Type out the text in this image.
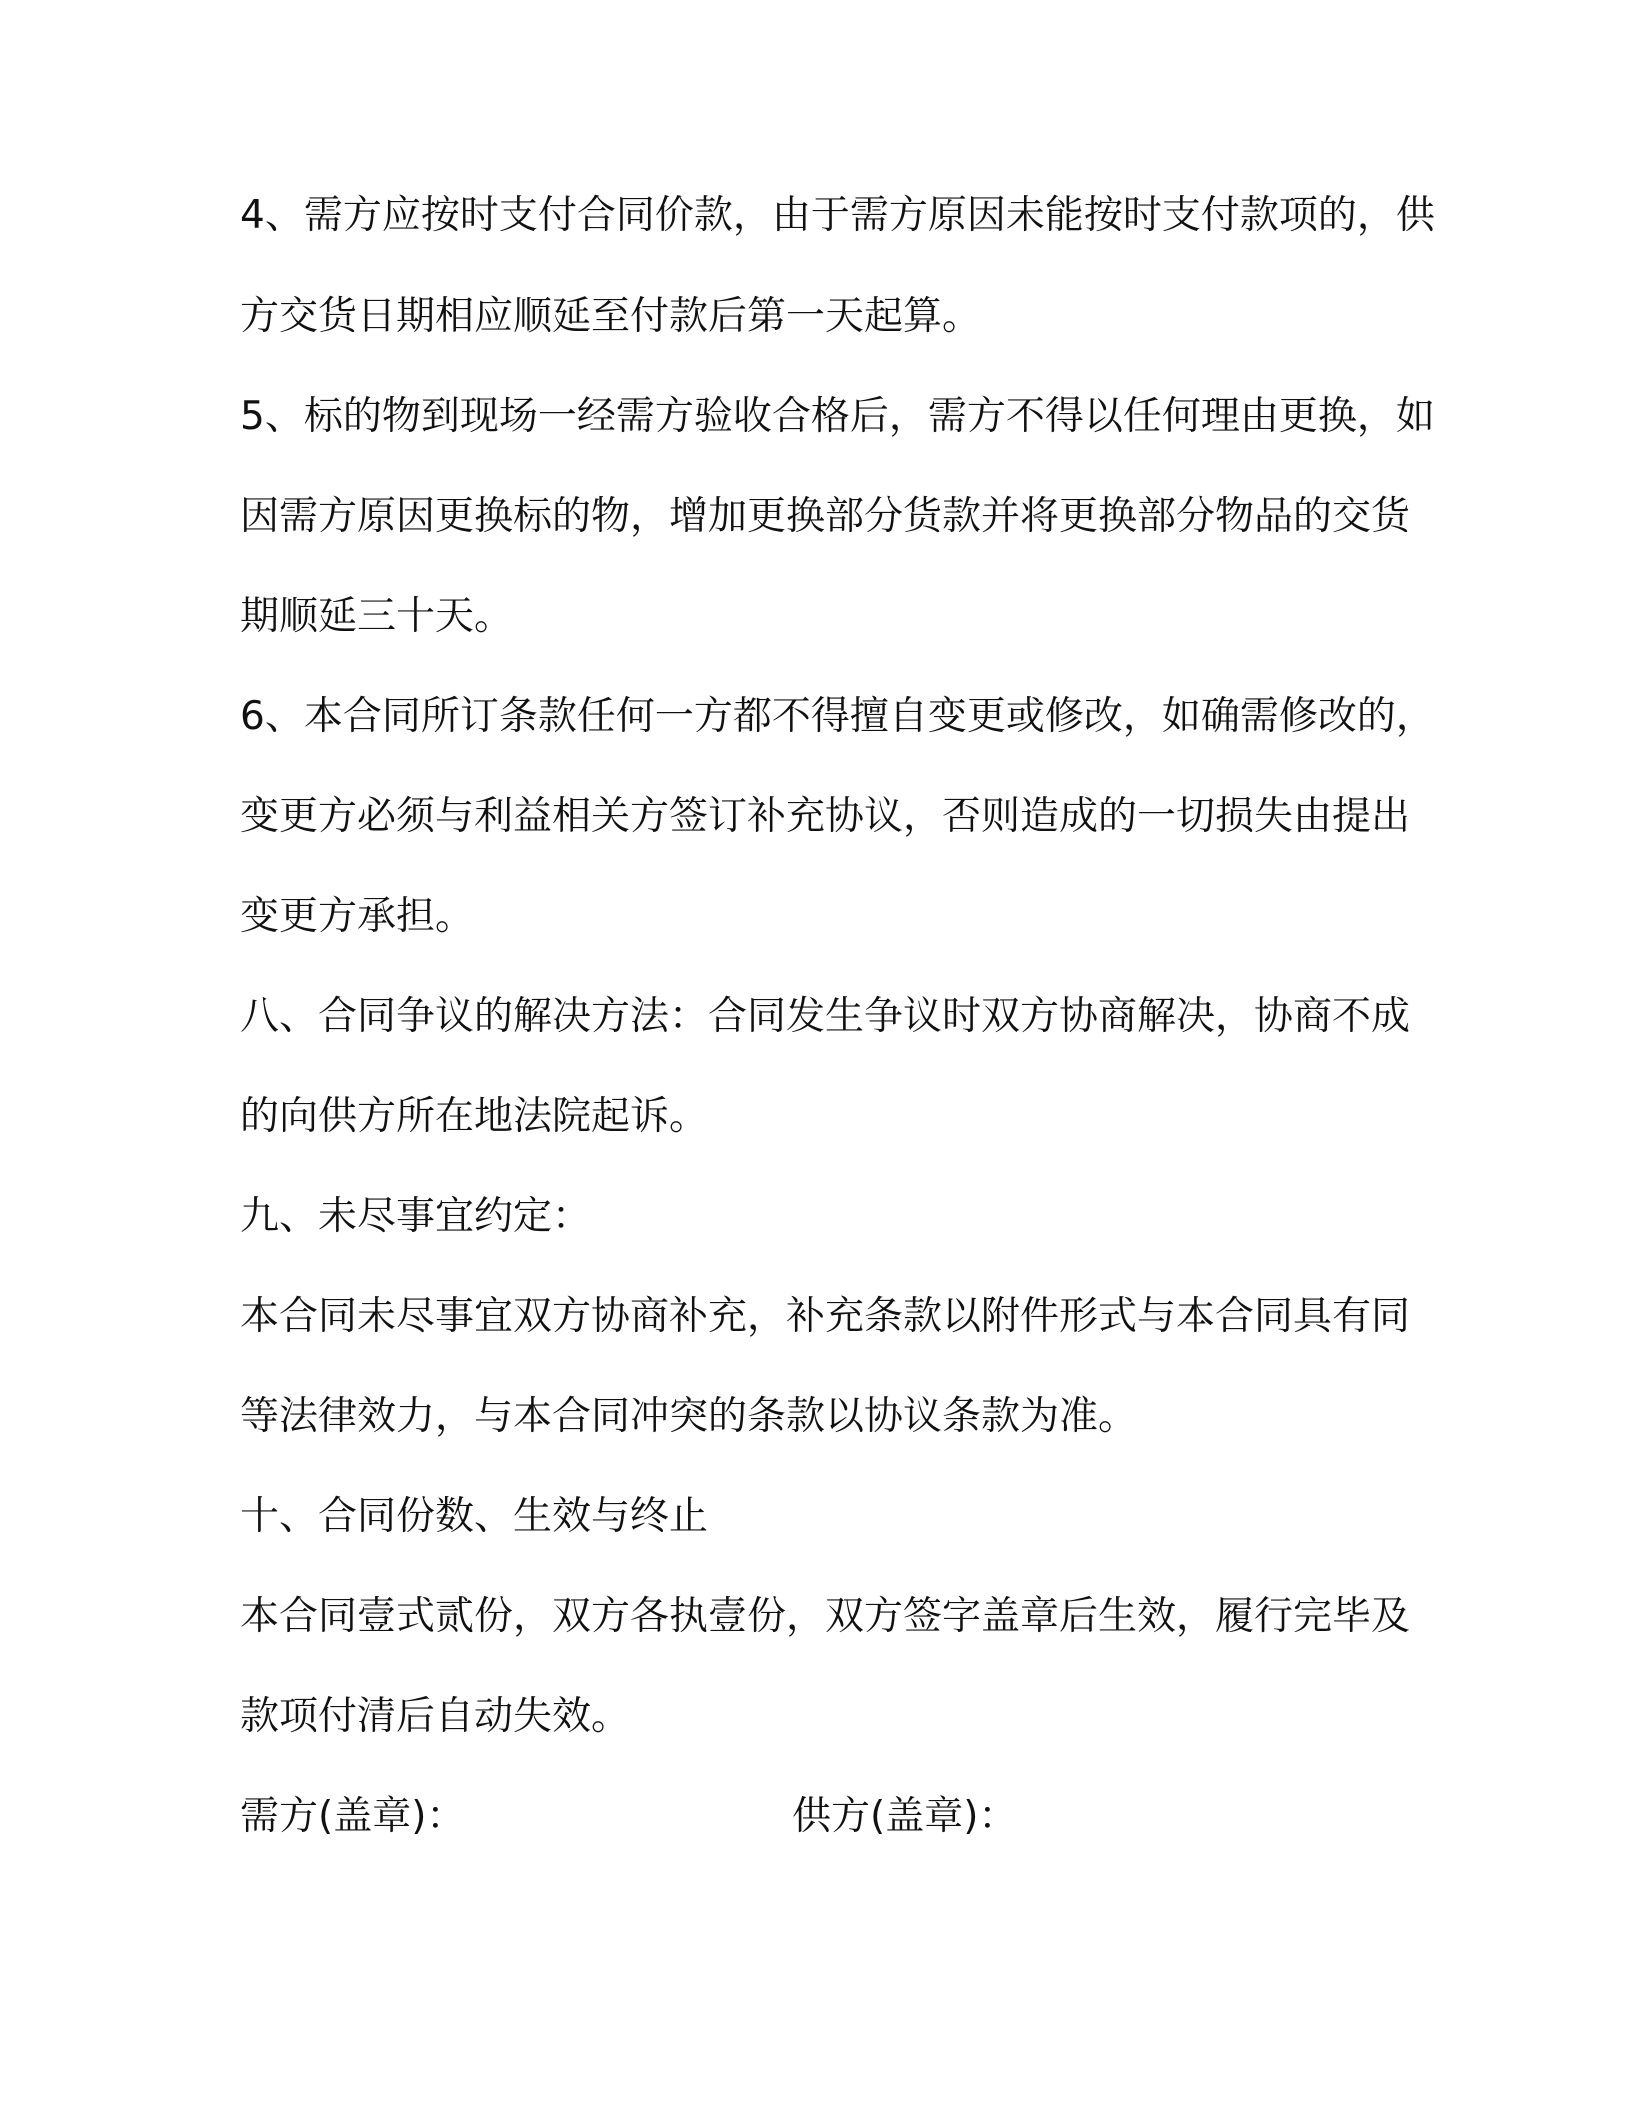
4、需方应按时支付合同价款，由于需方原因未能按时支付款项的，供
方交货日期相应顺延至付款后第一天起算。
5、标的物到现场一经需方验收合格后，需方不得以任何理由更换，如
因需方原因更换标的物，增加更换部分货款并将更换部分物品的交货
期顺延三十天。
6、本合同所订条款任何一方都不得擅自变更或修改，如确需修改的，
变更方必须与利益相关方签订补充协议，否则造成的一切损失由提出
变更方承担。
八、合同争议的解决方法：合同发生争议时双方协商解决，协商不成
的向供方所在地法院起诉。
九、未尽事宜约定：
本合同未尽事宜双方协商补充，补充条款以附件形式与本合同具有同
等法律效力，与本合同冲突的条款以协议条款为准。
十、合同份数、生效与终止
本合同壹式贰份，双方各执壹份，双方签字盖章后生效，履行完毕及
款项付清后自动失效。
需方(盖章)：	供方(盖章)：
